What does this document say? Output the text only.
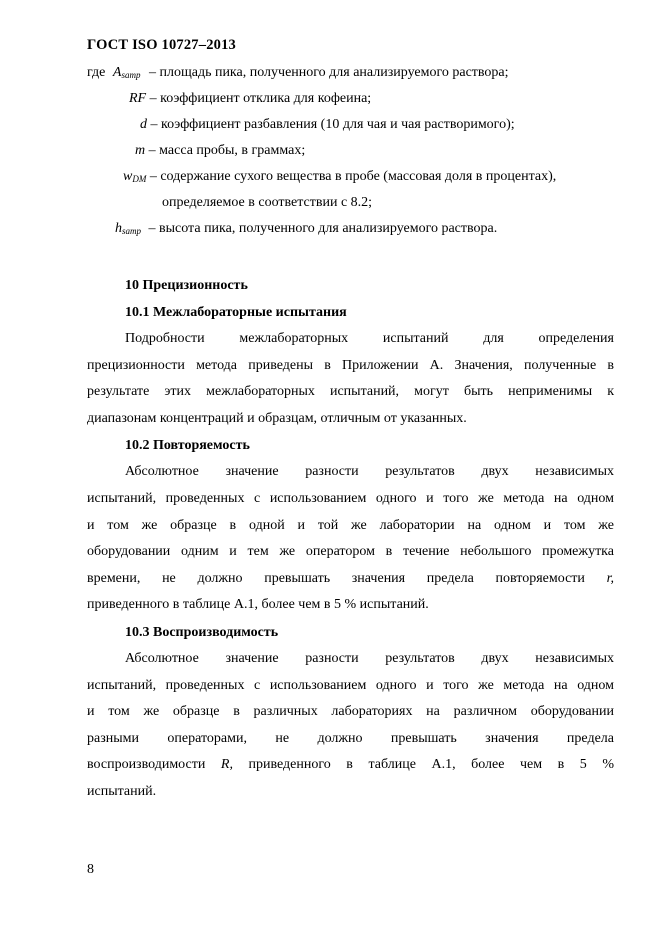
ГОСТ ISO 10727–2013
где Asamp – площадь пика, полученного для анализируемого раствора;
RF – коэффициент отклика для кофеина;
d – коэффициент разбавления (10 для чая и чая растворимого);
m – масса пробы, в граммах;
wDM – содержание сухого вещества в пробе (массовая доля в процентах),
определяемое в соответствии с 8.2;
hsamp – высота пика, полученного для анализируемого раствора.
10 Прецизионность
10.1 Межлабораторные испытания
Подробности межлабораторных испытаний для определения
прецизионности метода приведены в Приложении А. Значения, полученные в
результате этих межлабораторных испытаний, могут быть неприменимы к
диапазонам концентраций и образцам, отличным от указанных.
10.2 Повторяемость
Абсолютное значение разности результатов двух независимых
испытаний, проведенных с использованием одного и того же метода на одном
и том же образце в одной и той же лаборатории на одном и том же
оборудовании одним и тем же оператором в течение небольшого промежутка
времени, не должно превышать значения предела повторяемости r,
приведенного в таблице А.1, более чем в 5 % испытаний.
10.3 Воспроизводимость
Абсолютное значение разности результатов двух независимых
испытаний, проведенных с использованием одного и того же метода на одном
и том же образце в различных лабораториях на различном оборудовании
разными операторами, не должно превышать значения предела
воспроизводимости R, приведенного в таблице А.1, более чем в 5 %
испытаний.
8
